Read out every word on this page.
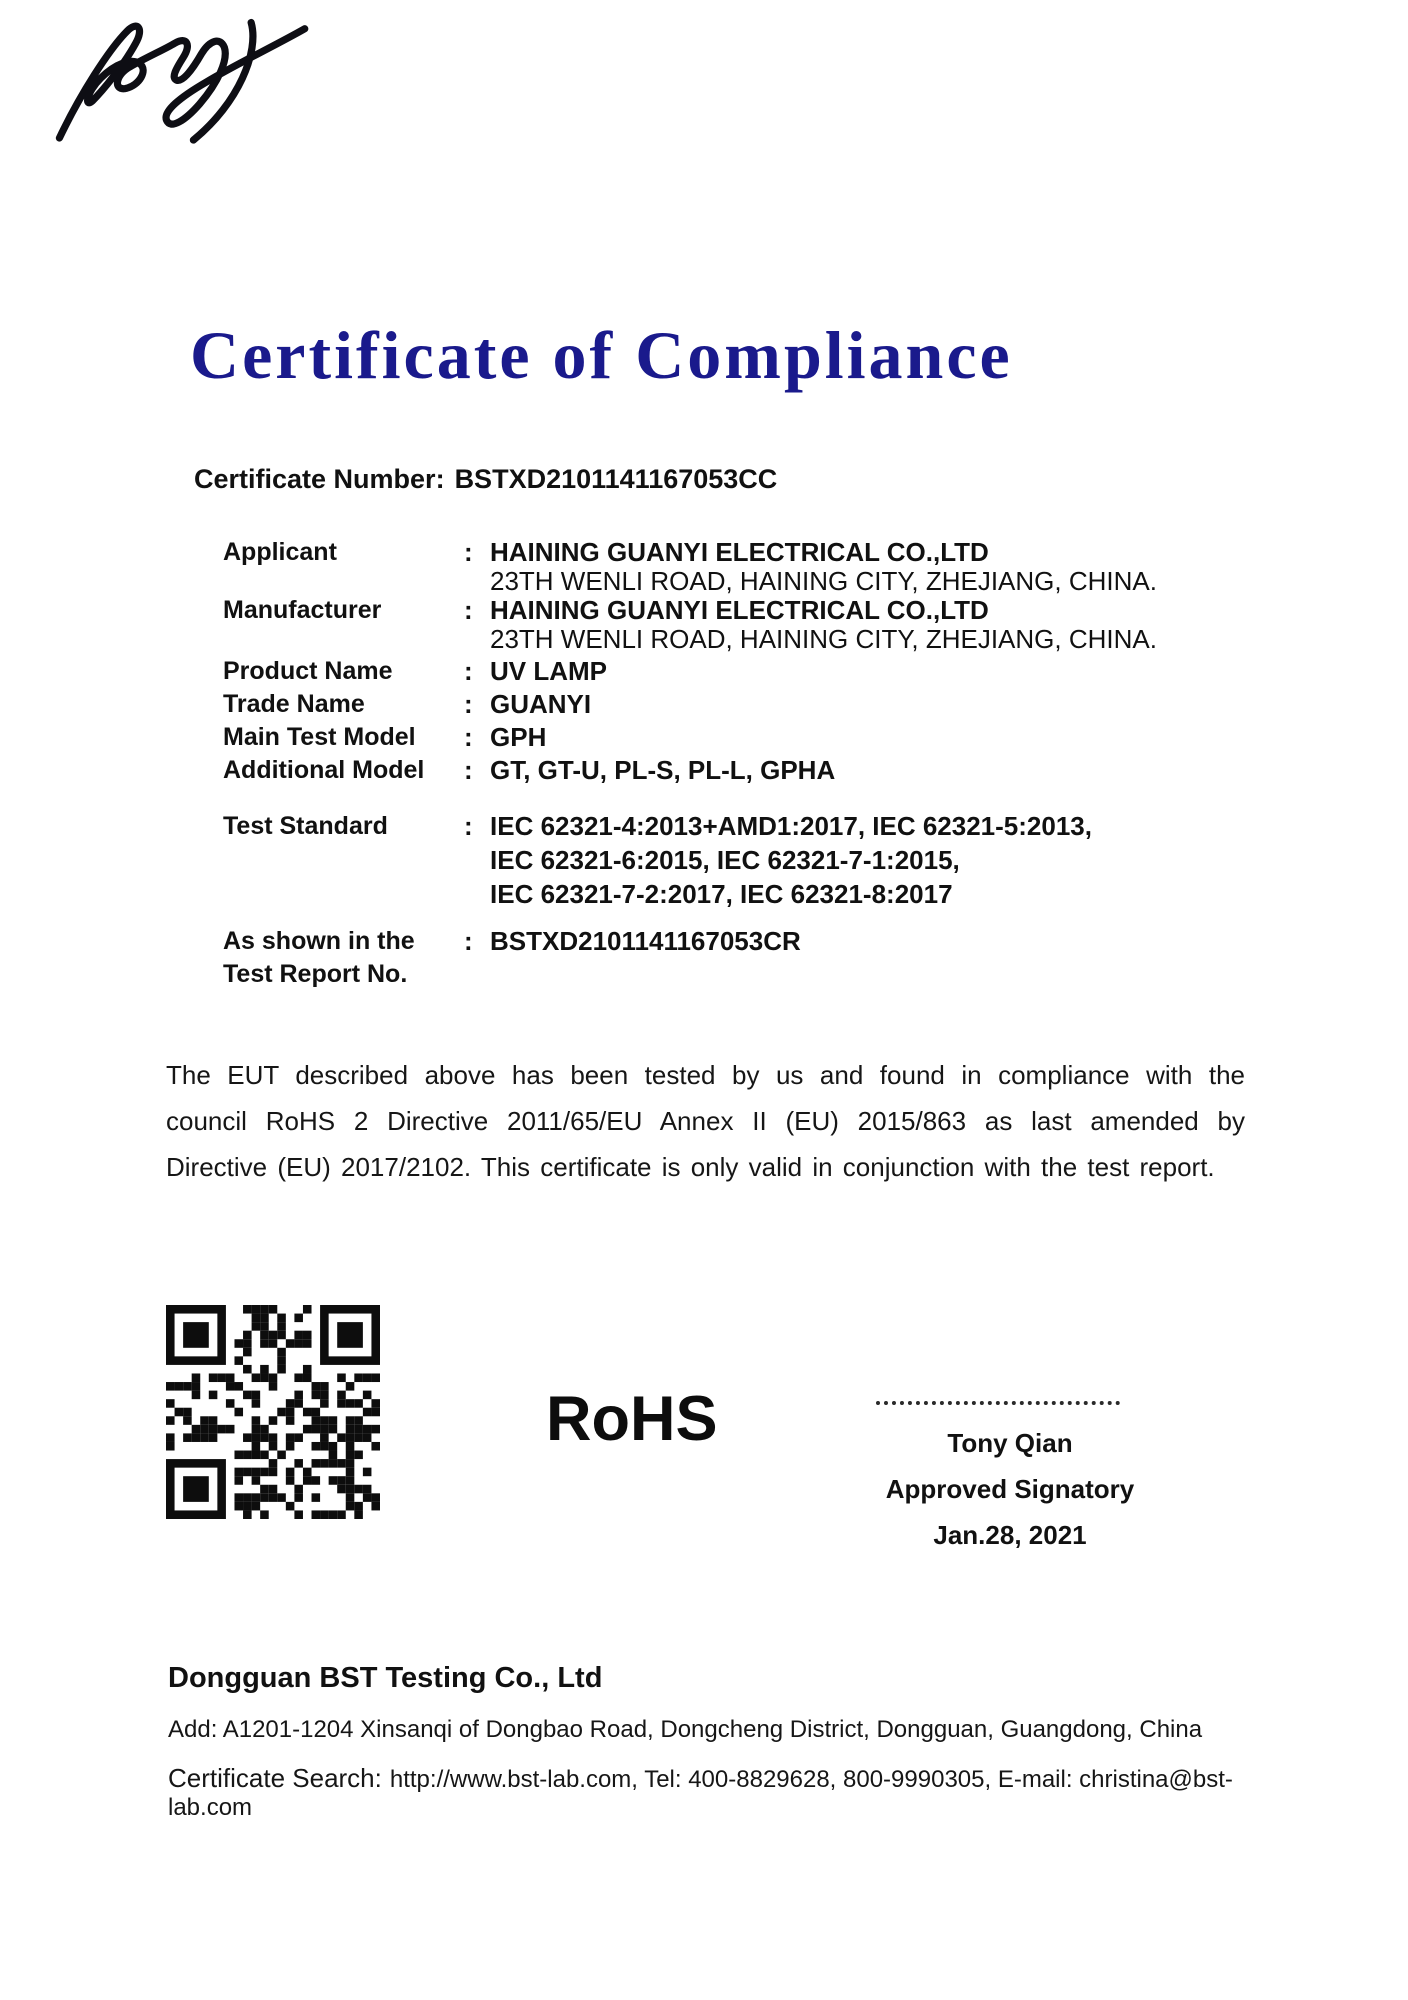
Certificate of Compliance
Certificate Number: BSTXD2101141167053CC
Applicant	: HAINING GUANYI ELECTRICAL CO.,LTD
23TH WENLI ROAD, HAINING CITY, ZHEJIANG, CHINA.
Manufacturer	: HAINING GUANYI ELECTRICAL CO.,LTD
23TH WENLI ROAD, HAINING CITY, ZHEJIANG, CHINA.
Product Name	: UV LAMP
Trade Name	: GUANYI
Main Test Model	: GPH
Additional Model	: GT, GT-U, PL-S, PL-L, GPHA
Test Standard	: IEC 62321-4:2013+AMD1:2017, IEC 62321-5:2013,
IEC 62321-6:2015, IEC 62321-7-1:2015,
IEC 62321-7-2:2017, IEC 62321-8:2017
As shown in the	: BSTXD2101141167053CR
Test Report No.
The EUT described above has been tested by us and found in compliance with the council RoHS 2 Directive 2011/65/EU Annex II (EU) 2015/863 as last amended by Directive (EU) 2017/2102. This certificate is only valid in conjunction with the test report.
RoHS	Tony Qian
Approved Signatory
Jan.28, 2021
Dongguan BST Testing Co., Ltd
Add: A1201-1204 Xinsanqi of Dongbao Road, Dongcheng District, Dongguan, Guangdong, China
Certificate Search: http://www.bst-lab.com, Tel: 400-8829628, 800-9990305, E-mail: christina@bst-lab.com
